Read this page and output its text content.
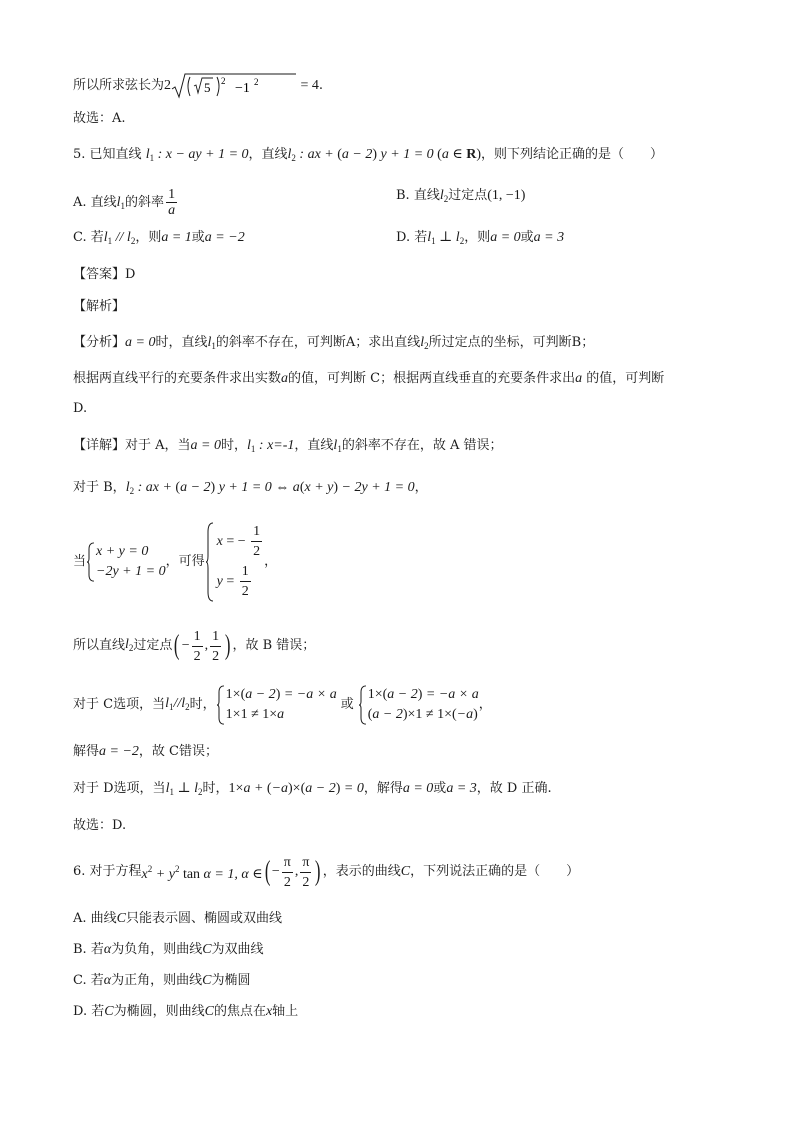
所以所求弦长为2	5 2 −1 2	= 4.
故选：A.
5. 已知直线 $l_1$ : x − ay + 1 = 0，直线$l_2$ : ax + (a − 2) y + 1 = 0 (a ∈ R)，则下列结论正确的是（　　）
A. 直线$l_1$的斜率 $\frac{1}{a}$	B. 直线$l_2$过定点(1, −1)
C. 若$l_1 // l_2$，则a = 1或a = −2	D. 若$l_1$ ⊥ $l_2$，则a = 0或a = 3
【答案】D
【解析】
【分析】a = 0时，直线$l_1$的斜率不存在，可判断A；求出直线$l_2$所过定点的坐标，可判断B；
根据两直线平行的充要条件求出实数a的值，可判断 C；根据两直线垂直的充要条件求出a 的值，可判断
D.
【详解】对于 A，当a = 0时，$l_1$ : x=-1，直线$l_1$的斜率不存在，故 A 错误；
对于 B，$l_2$ : ax + (a − 2) y + 1 = 0 ⇔ a(x + y) − 2y + 1 = 0，
当
x + y = 0
−2y + 1 = 0
，可得
x = − $\frac{1}{2}$
$y = \frac{1}{2}$
，
所以直线 $l_2$ 过定点 ( − $\frac{1}{2}$ , $\frac{1}{2}$ ) ，故 B 错误；
对于 C选项，当 $l_1//l_2$ 时，
1×(a − 2) = −a × a
1×1 ≠ 1×a
或
1×(a − 2) = −a × a
(a − 2)×1 ≠ 1×(−a)
，
解得a = −2，故 C错误；
对于 D选项，当$l_1$ ⊥ $l_2$时，1×a + (−a)×(a − 2) = 0，解得a = 0或a = 3，故 D 正确.
故选：D.
6. 对于方程 $x^2 + y^2$ tan α = 1, α ∈ ( − $\frac{\pi}{2}$ , $\frac{\pi}{2}$ ) ，表示的曲线 C ，下列说法正确的是（　　）
A. 曲线C只能表示圆、椭圆或双曲线
B. 若α为负角，则曲线C为双曲线
C. 若α为正角，则曲线C为椭圆
D. 若C为椭圆，则曲线C的焦点在x轴上
